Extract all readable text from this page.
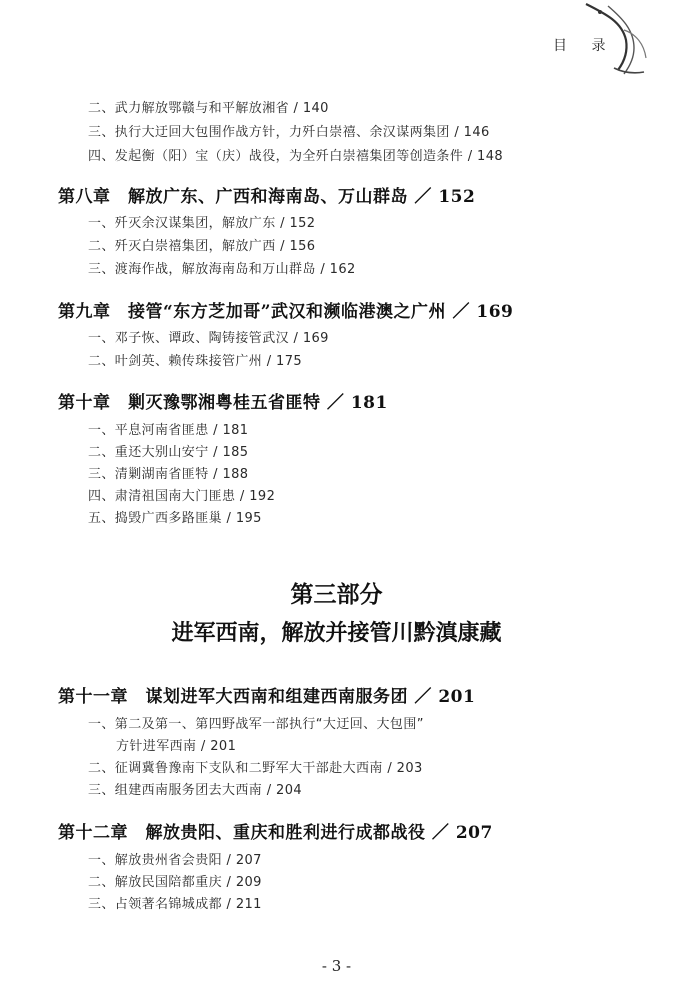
目 录

二、武力解放鄂赣与和平解放湘省 / 140

三、执行大迂回大包围作战方针，力歼白崇禧、余汉谋两集团 / 146

四、发起衡（阳）宝（庆）战役，为全歼白崇禧集团等创造条件 / 148

第八章　解放广东、广西和海南岛、万山群岛 ／ 152

一、歼灭余汉谋集团，解放广东 / 152

二、歼灭白崇禧集团，解放广西 / 156

三、渡海作战，解放海南岛和万山群岛 / 162

第九章　接管“东方芝加哥”武汉和濒临港澳之广州 ／ 169

一、邓子恢、谭政、陶铸接管武汉 / 169

二、叶剑英、赖传珠接管广州 / 175

第十章　剿灭豫鄂湘粤桂五省匪特 ／ 181

一、平息河南省匪患 / 181

二、重还大别山安宁 / 185

三、清剿湖南省匪特 / 188

四、肃清祖国南大门匪患 / 192

五、捣毁广西多路匪巢 / 195

第三部分
进军西南，解放并接管川黔滇康藏
第十一章　谋划进军大西南和组建西南服务团 ／ 201

一、第二及第一、第四野战军一部执行“大迂回、大包围”

方针进军西南 / 201

二、征调冀鲁豫南下支队和二野军大干部赴大西南 / 203

三、组建西南服务团去大西南 / 204

第十二章　解放贵阳、重庆和胜利进行成都战役 ／ 207

一、解放贵州省会贵阳 / 207

二、解放民国陪都重庆 / 209

三、占领著名锦城成都 / 211

- 3 -
